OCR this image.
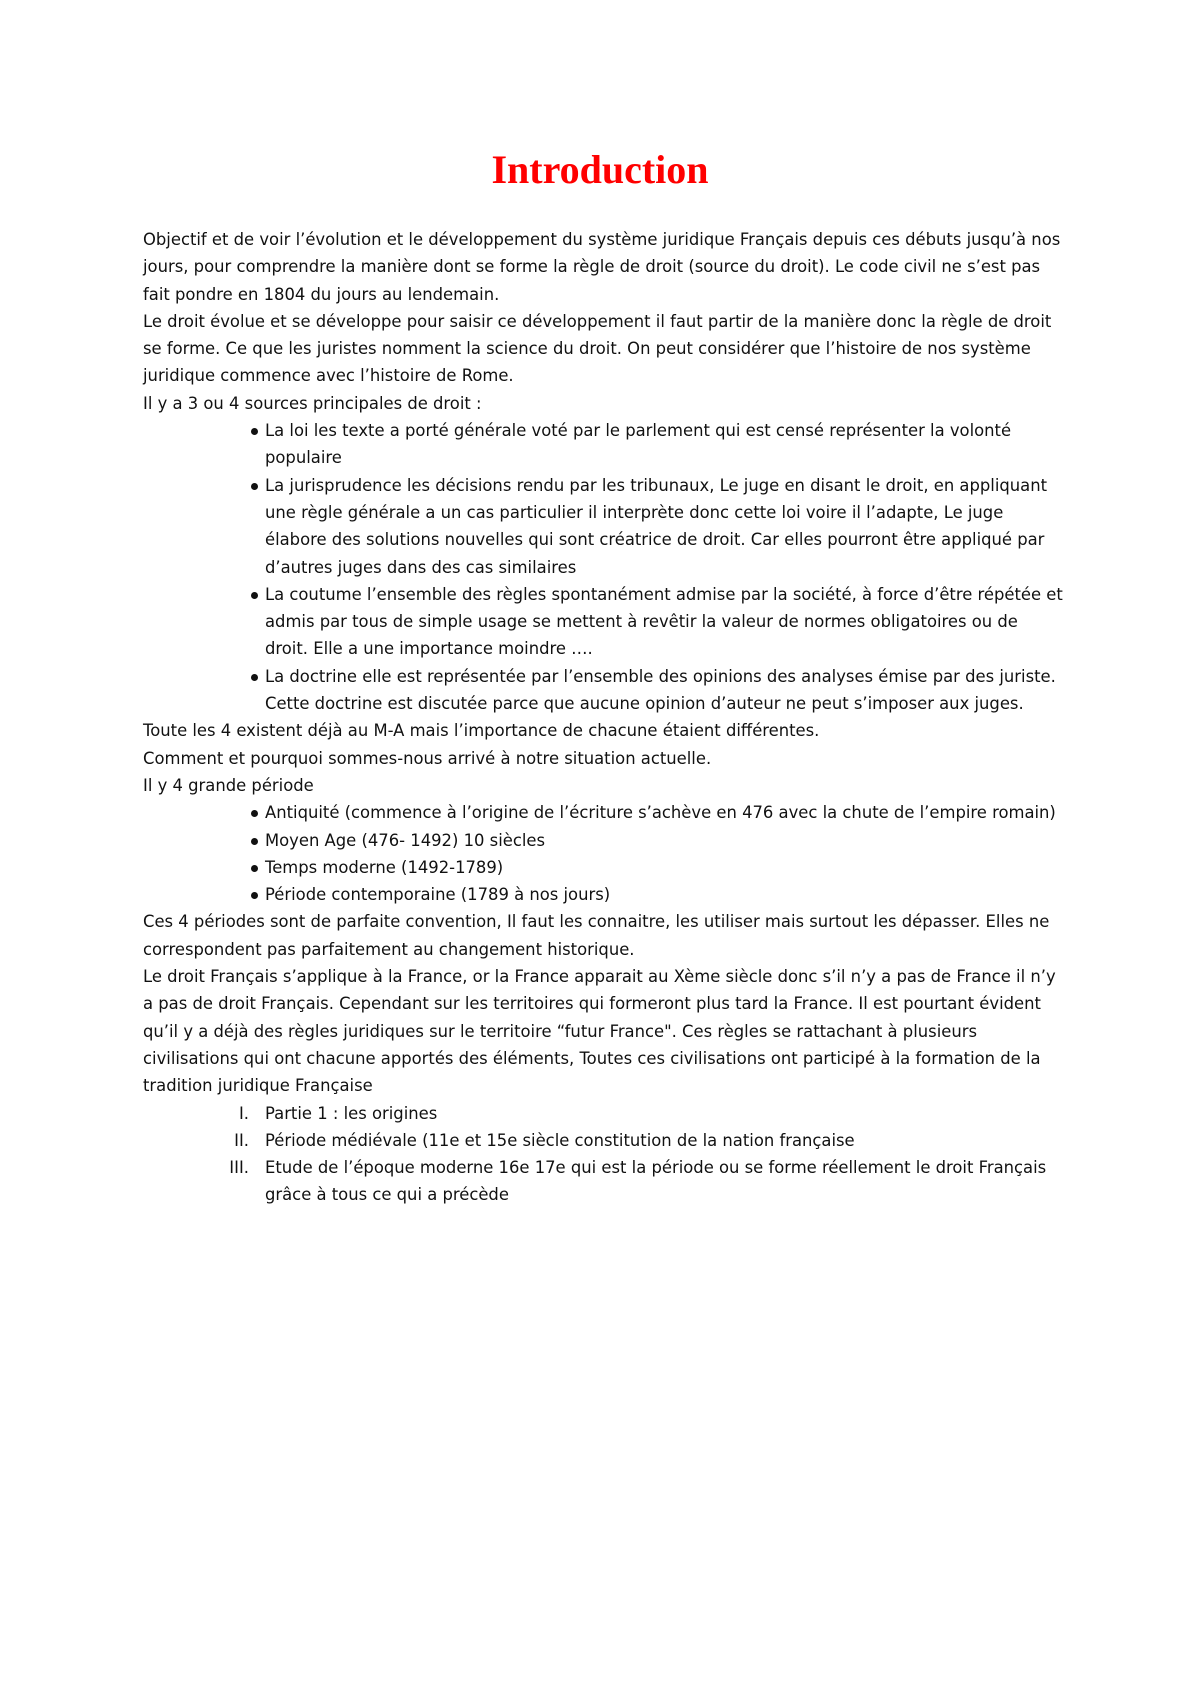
Introduction

Objectif et de voir l’évolution et le développement du système juridique Français depuis ces débuts jusqu’à nos jours, pour comprendre la manière dont se forme la règle de droit (source du droit). Le code civil ne s’est pas fait pondre en 1804 du jours au lendemain.

Le droit évolue et se développe pour saisir ce développement il faut partir de la manière donc la règle de droit se forme. Ce que les juristes nomment la science du droit. On peut considérer que l’histoire de nos système juridique commence avec l’histoire de Rome.

Il y a 3 ou 4 sources principales de droit :

La loi les texte a porté générale voté par le parlement qui est censé représenter la volonté populaire
La jurisprudence les décisions rendu par les tribunaux, Le juge en disant le droit, en appliquant une règle générale a un cas particulier il interprète donc cette loi voire il l’adapte, Le juge élabore des solutions nouvelles qui sont créatrice de droit. Car elles pourront être appliqué par d’autres juges dans des cas similaires
La coutume l’ensemble des règles spontanément admise par la société, à force d’être répétée et admis par tous de simple usage se mettent à revêtir la valeur de normes obligatoires ou de droit. Elle a une importance moindre ….
La doctrine elle est représentée par l’ensemble des opinions des analyses émise par des juriste. Cette doctrine est discutée parce que aucune opinion d’auteur ne peut s’imposer aux juges.

Toute les 4 existent déjà au M-A mais l’importance de chacune étaient différentes.

Comment et pourquoi sommes-nous arrivé à notre situation actuelle.

Il y 4 grande période

Antiquité (commence à l’origine de l’écriture s’achève en 476 avec la chute de l’empire romain)
Moyen Age (476- 1492) 10 siècles
Temps moderne (1492-1789)
Période contemporaine (1789 à nos jours)

Ces 4 périodes sont de parfaite convention, Il faut les connaitre, les utiliser mais surtout les dépasser. Elles ne correspondent pas parfaitement au changement historique.

Le droit Français s’applique à la France, or la France apparait au Xème siècle donc s’il n’y a pas de France il n’y a pas de droit Français. Cependant sur les territoires qui formeront plus tard la France. Il est pourtant évident qu’il y a déjà des règles juridiques sur le territoire “futur France". Ces règles se rattachant à plusieurs civilisations qui ont chacune apportés des éléments, Toutes ces civilisations ont participé à la formation de la tradition juridique Française

I. Partie 1 : les origines
II. Période médiévale (11e et 15e siècle constitution de la nation française
III. Etude de l’époque moderne 16e 17e qui est la période ou se forme réellement le droit Français grâce à tous ce qui a précède
